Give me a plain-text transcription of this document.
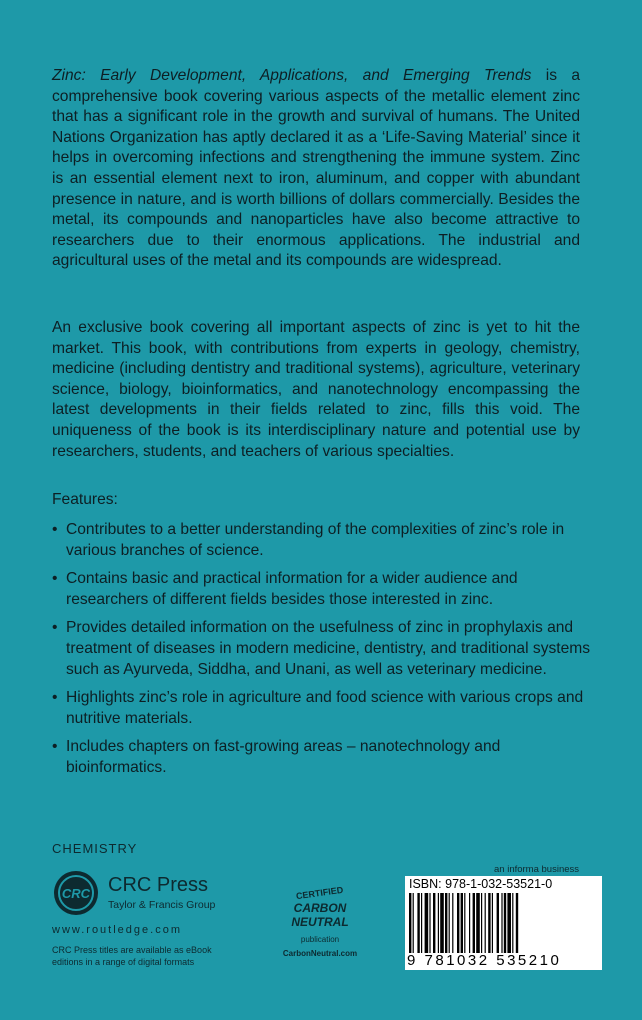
Zinc: Early Development, Applications, and Emerging Trends is a comprehensive book covering various aspects of the metallic element zinc that has a significant role in the growth and survival of humans. The United Nations Organization has aptly declared it as a ‘Life-Saving Material’ since it helps in overcoming infections and strengthening the immune system. Zinc is an essential element next to iron, aluminum, and copper with abundant presence in nature, and is worth billions of dollars commercially. Besides the metal, its compounds and nanoparticles have also become attractive to researchers due to their enormous applications. The industrial and agricultural uses of the metal and its compounds are widespread.

An exclusive book covering all important aspects of zinc is yet to hit the market. This book, with contributions from experts in geology, chemistry, medicine (including dentistry and traditional systems), agriculture, veterinary science, biology, bioinformatics, and nanotechnology encompassing the latest developments in their fields related to zinc, fills this void. The uniqueness of the book is its interdisciplinary nature and potential use by researchers, students, and teachers of various specialties.

Features:
• Contributes to a better understanding of the complexities of zinc’s role in various branches of science.
• Contains basic and practical information for a wider audience and researchers of different fields besides those interested in zinc.
• Provides detailed information on the usefulness of zinc in prophylaxis and treatment of diseases in modern medicine, dentistry, and traditional systems such as Ayurveda, Siddha, and Unani, as well as veterinary medicine.
• Highlights zinc’s role in agriculture and food science with various crops and nutritive materials.
• Includes chapters on fast-growing areas – nanotechnology and bioinformatics.
CHEMISTRY
CRC CRC Press
Taylor & Francis Group
www.routledge.com
CRC Press titles are available as eBook editions in a range of digital formats
CERTIFIED
CARBON
NEUTRAL
publication
CarbonNeutral.com
an informa business
ISBN: 978-1-032-53521-0
9 781032 535210
